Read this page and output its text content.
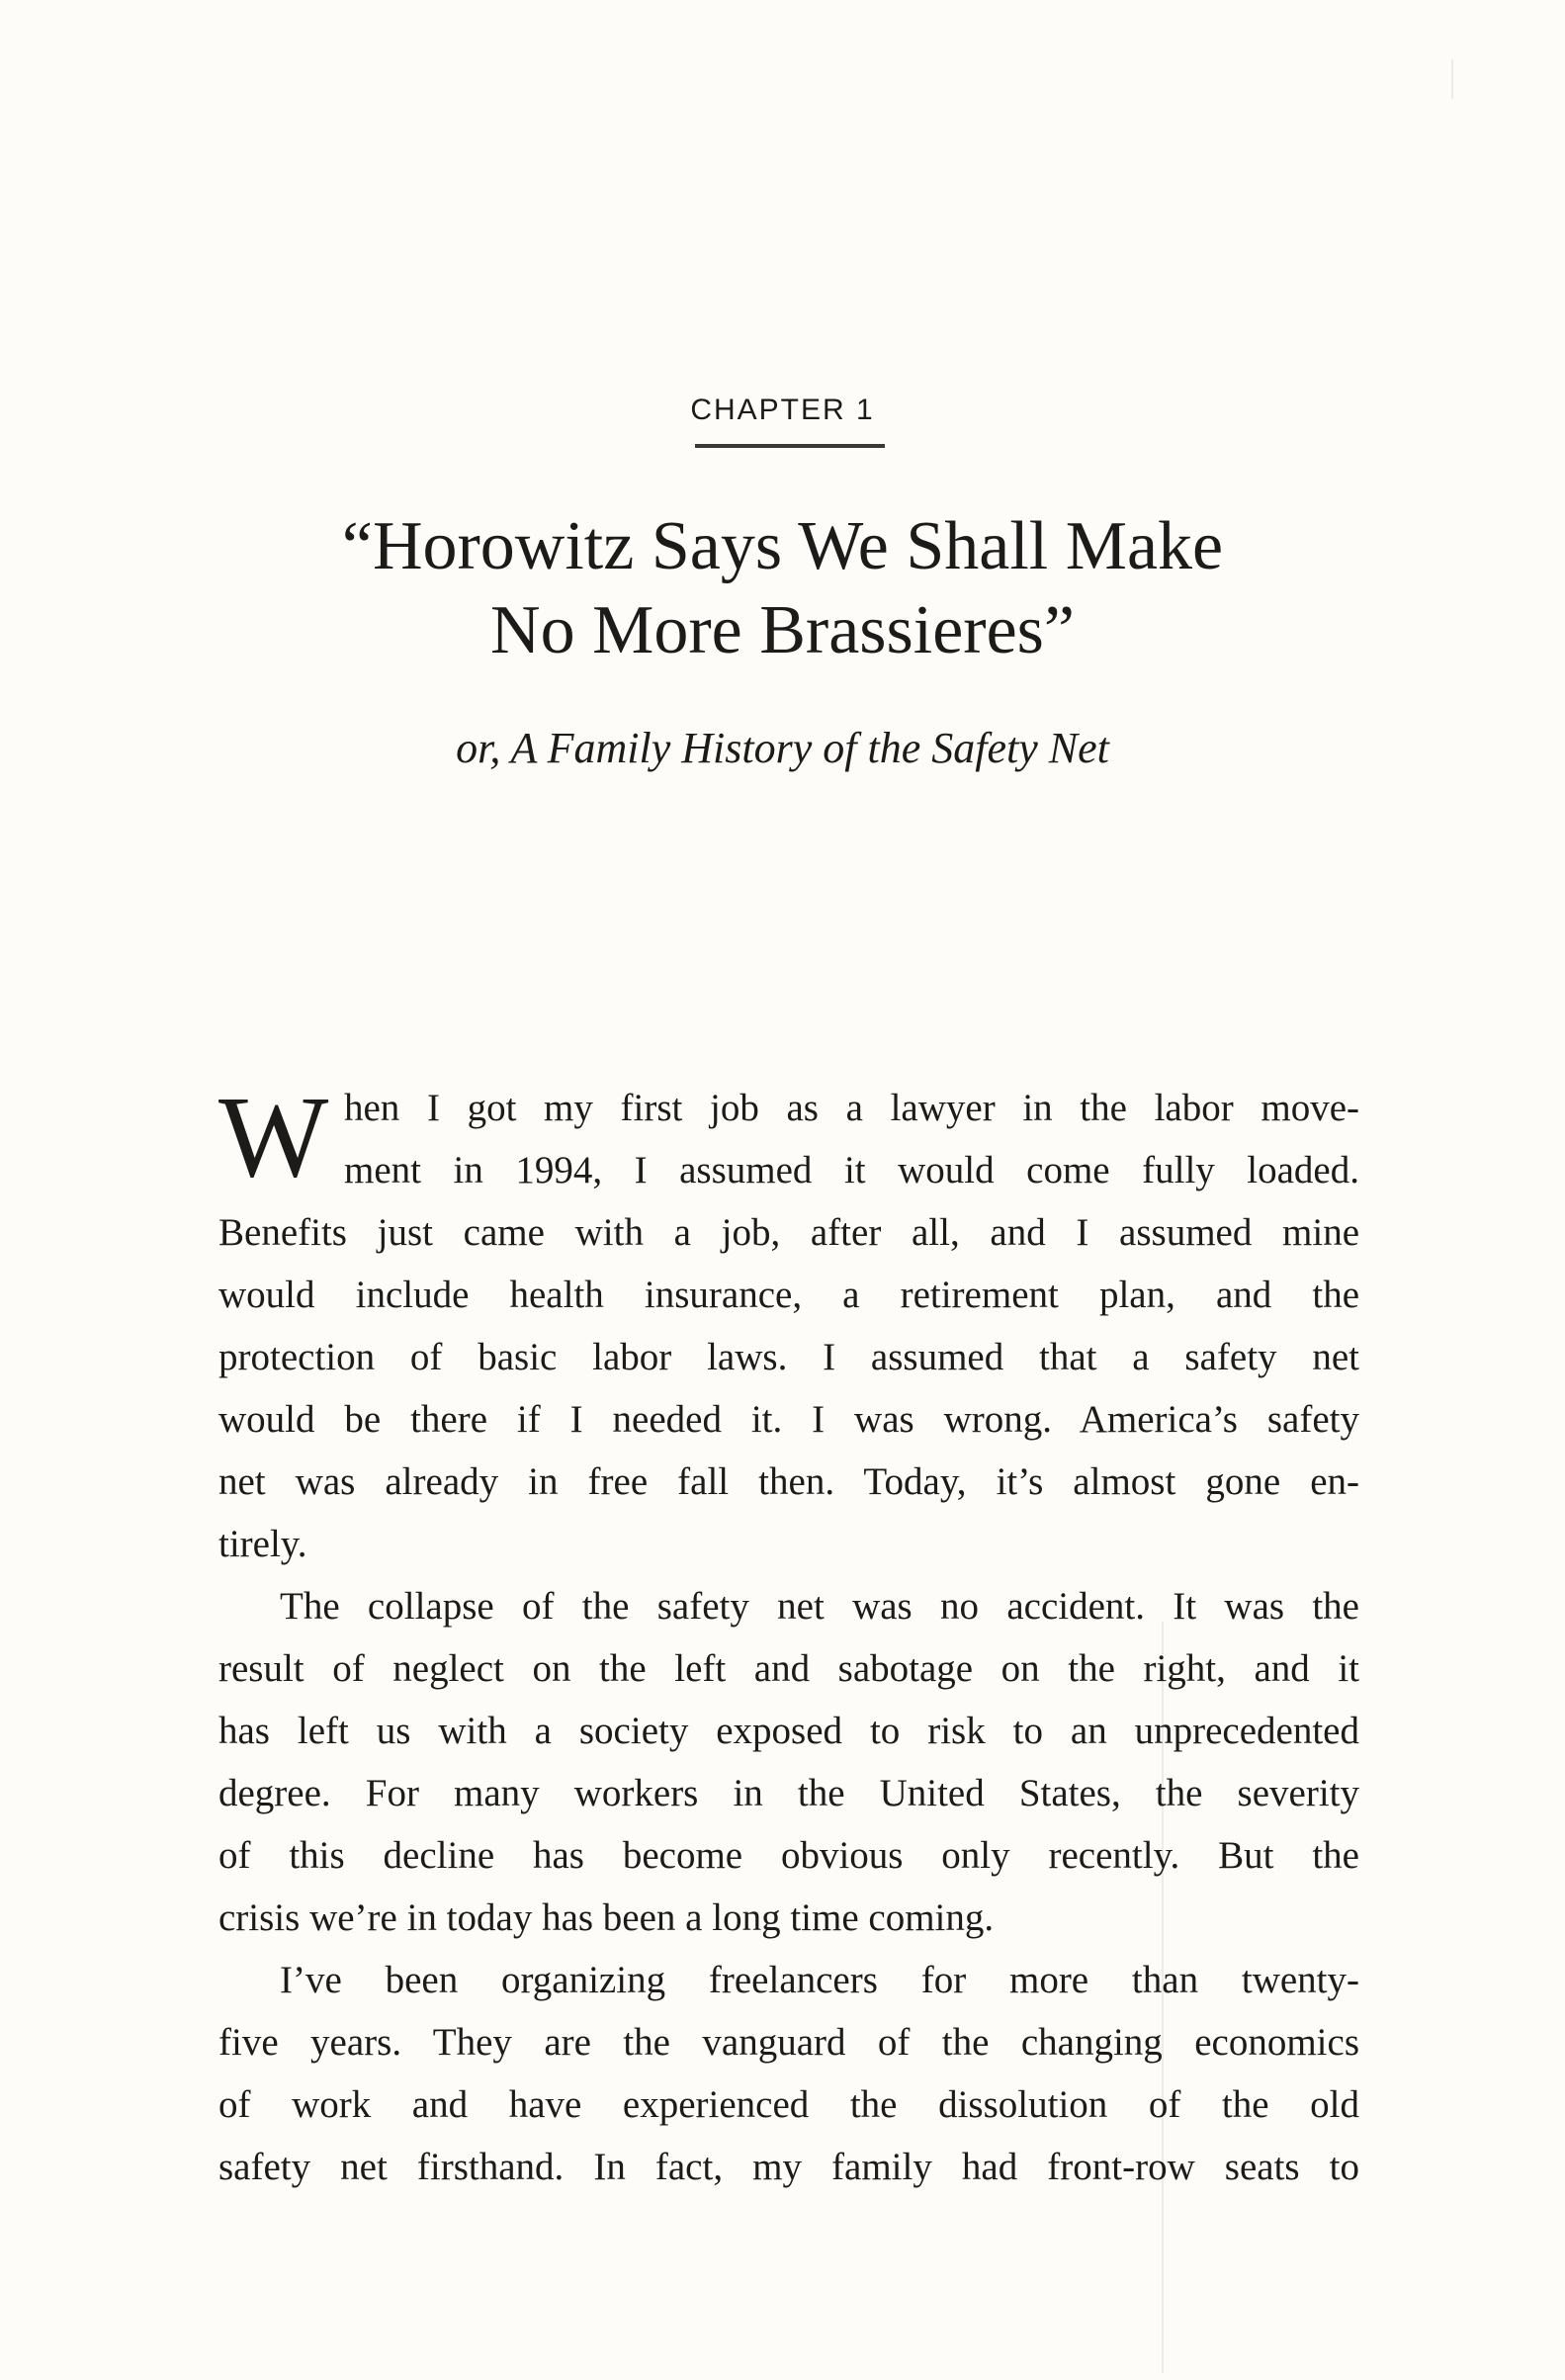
CHAPTER 1
“Horowitz Says We Shall Make
No More Brassieres”
or, A Family History of the Safety Net
W hen I got my first job as a lawyer in the labor move-
ment in 1994, I assumed it would come fully loaded.
Benefits just came with a job, after all, and I assumed mine
would include health insurance, a retirement plan, and the
protection of basic labor laws. I assumed that a safety net
would be there if I needed it. I was wrong. America’s safety
net was already in free fall then. Today, it’s almost gone en-
tirely.
The collapse of the safety net was no accident. It was the
result of neglect on the left and sabotage on the right, and it
has left us with a society exposed to risk to an unprecedented
degree. For many workers in the United States, the severity
of this decline has become obvious only recently. But the
crisis we’re in today has been a long time coming.
I’ve been organizing freelancers for more than twenty-
five years. They are the vanguard of the changing economics
of work and have experienced the dissolution of the old
safety net firsthand. In fact, my family had front-row seats to
